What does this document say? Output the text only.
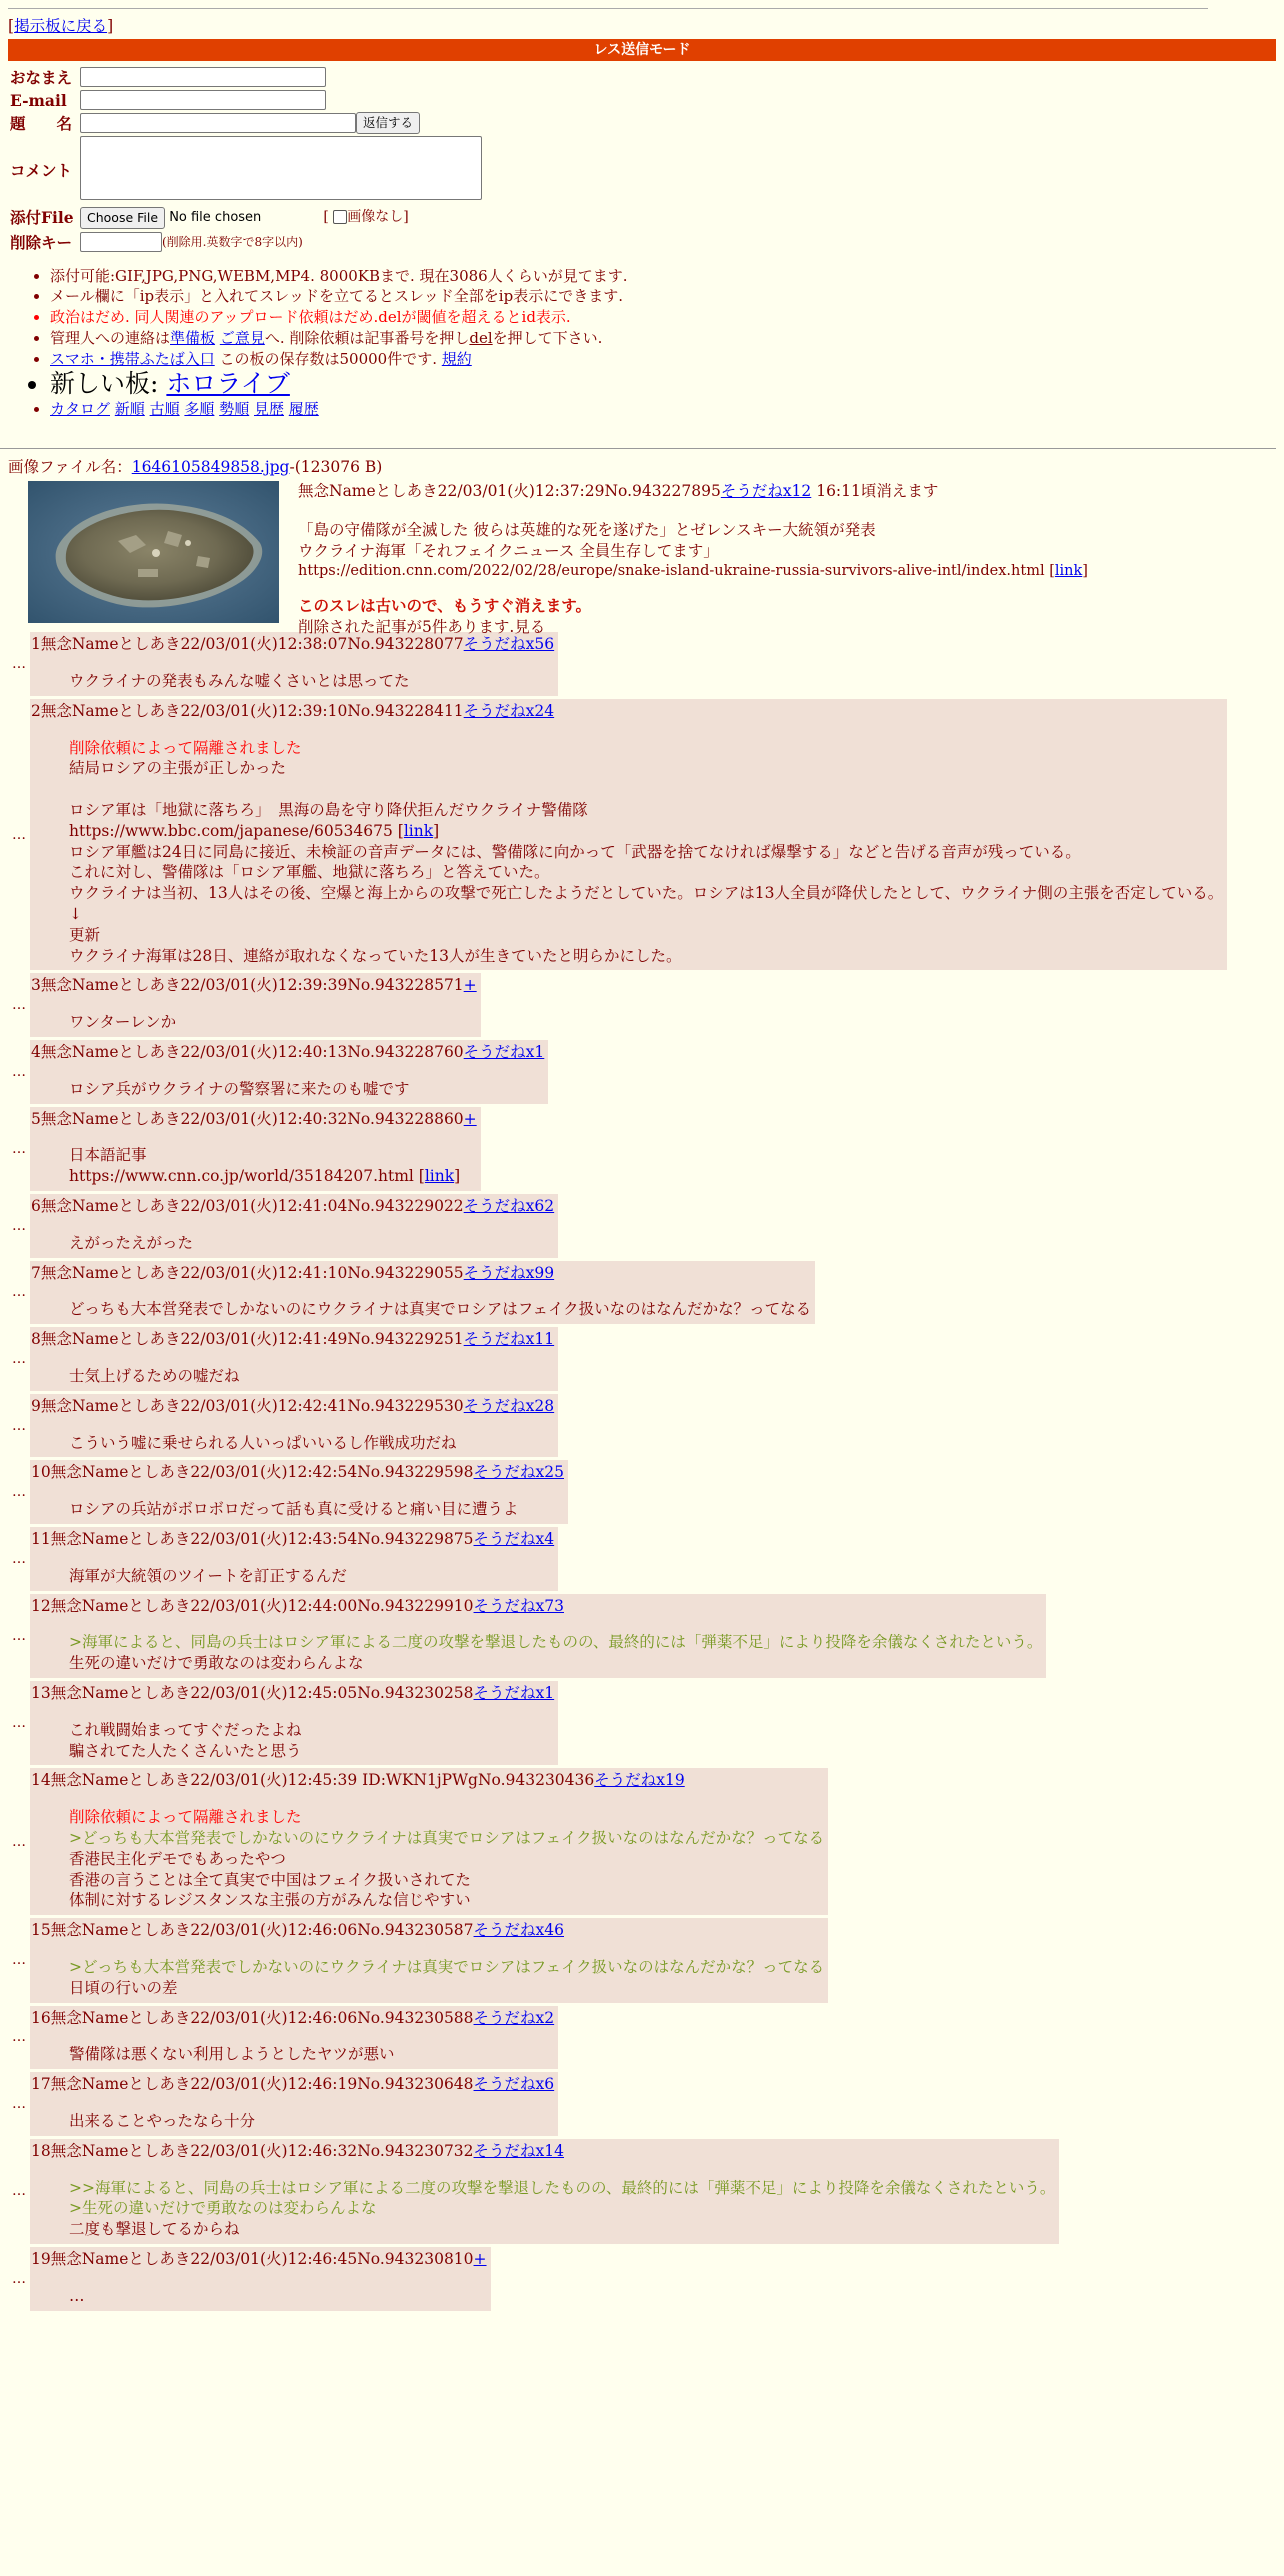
[掲示板に戻る]
レス送信モード
おなまえ	
E-mail	
題　　名	返信する
コメント	
添付File	Choose File No file chosen [ 画像なし]
削除キー	(削除用.英数字で8字以内)
• 添付可能:GIF,JPG,PNG,WEBM,MP4. 8000KBまで. 現在3086人くらいが見てます.
• メール欄に「ip表示」と入れてスレッドを立てるとスレッド全部をip表示にできます.
• 政治はだめ. 同人関連のアップロード依頼はだめ.delが閾値を超えるとid表示.
• 管理人への連絡は準備板 ご意見へ. 削除依頼は記事番号を押しdelを押して下さい.
• スマホ・携帯ふたば入口 この板の保存数は50000件です. 規約
• 新しい板: ホロライブ
• カタログ 新順 古順 多順 勢順 見歴 履歴
画像ファイル名：1646105849858.jpg-(123076 B)
無念Nameとしあき22/03/01(火)12:37:29No.943227895そうだねx12 16:11頃消えます
「島の守備隊が全滅した 彼らは英雄的な死を遂げた」とゼレンスキー大統領が発表
ウクライナ海軍「それフェイクニュース 全員生存してます」
https://edition.cnn.com/2022/02/28/europe/snake-island-ukraine-russia-survivors-alive-intl/index.html [link]
このスレは古いので、もうすぐ消えます。
削除された記事が5件あります.見る
…
1無念Nameとしあき22/03/01(火)12:38:07No.943228077そうだねx56
ウクライナの発表もみんな嘘くさいとは思ってた
…
2無念Nameとしあき22/03/01(火)12:39:10No.943228411そうだねx24
削除依頼によって隔離されました
結局ロシアの主張が正しかった

ロシア軍は「地獄に落ちろ」　黒海の島を守り降伏拒んだウクライナ警備隊
https://www.bbc.com/japanese/60534675 [link]
ロシア軍艦は24日に同島に接近、未検証の音声データには、警備隊に向かって「武器を捨てなければ爆撃する」などと告げる音声が残っている。
これに対し、警備隊は「ロシア軍艦、地獄に落ちろ」と答えていた。
ウクライナは当初、13人はその後、空爆と海上からの攻撃で死亡したようだとしていた。ロシアは13人全員が降伏したとして、ウクライナ側の主張を否定している。
↓
更新
ウクライナ海軍は28日、連絡が取れなくなっていた13人が生きていたと明らかにした。
…
3無念Nameとしあき22/03/01(火)12:39:39No.943228571+
ワンターレンか
…
4無念Nameとしあき22/03/01(火)12:40:13No.943228760そうだねx1
ロシア兵がウクライナの警察署に来たのも嘘です
…
5無念Nameとしあき22/03/01(火)12:40:32No.943228860+
日本語記事
https://www.cnn.co.jp/world/35184207.html [link]
…
6無念Nameとしあき22/03/01(火)12:41:04No.943229022そうだねx62
えがったえがった
…
7無念Nameとしあき22/03/01(火)12:41:10No.943229055そうだねx99
どっちも大本営発表でしかないのにウクライナは真実でロシアはフェイク扱いなのはなんだかな？ってなる
…
8無念Nameとしあき22/03/01(火)12:41:49No.943229251そうだねx11
士気上げるための嘘だね
…
9無念Nameとしあき22/03/01(火)12:42:41No.943229530そうだねx28
こういう嘘に乗せられる人いっぱいいるし作戦成功だね
…
10無念Nameとしあき22/03/01(火)12:42:54No.943229598そうだねx25
ロシアの兵站がボロボロだって話も真に受けると痛い目に遭うよ
…
11無念Nameとしあき22/03/01(火)12:43:54No.943229875そうだねx4
海軍が大統領のツイートを訂正するんだ
…
12無念Nameとしあき22/03/01(火)12:44:00No.943229910そうだねx73
>海軍によると、同島の兵士はロシア軍による二度の攻撃を撃退したものの、最終的には「弾薬不足」により投降を余儀なくされたという。
生死の違いだけで勇敢なのは変わらんよな
…
13無念Nameとしあき22/03/01(火)12:45:05No.943230258そうだねx1
これ戦闘始まってすぐだったよね
騙されてた人たくさんいたと思う
…
14無念Nameとしあき22/03/01(火)12:45:39 ID:WKN1jPWgNo.943230436そうだねx19
削除依頼によって隔離されました
>どっちも大本営発表でしかないのにウクライナは真実でロシアはフェイク扱いなのはなんだかな？ってなる
香港民主化デモでもあったやつ
香港の言うことは全て真実で中国はフェイク扱いされてた
体制に対するレジスタンスな主張の方がみんな信じやすい
…
15無念Nameとしあき22/03/01(火)12:46:06No.943230587そうだねx46
>どっちも大本営発表でしかないのにウクライナは真実でロシアはフェイク扱いなのはなんだかな？ってなる
日頃の行いの差
…
16無念Nameとしあき22/03/01(火)12:46:06No.943230588そうだねx2
警備隊は悪くない利用しようとしたヤツが悪い
…
17無念Nameとしあき22/03/01(火)12:46:19No.943230648そうだねx6
出来ることやったなら十分
…
18無念Nameとしあき22/03/01(火)12:46:32No.943230732そうだねx14
>>海軍によると、同島の兵士はロシア軍による二度の攻撃を撃退したものの、最終的には「弾薬不足」により投降を余儀なくされたという。
>生死の違いだけで勇敢なのは変わらんよな
二度も撃退してるからね
…
19無念Nameとしあき22/03/01(火)12:46:45No.943230810+
…
